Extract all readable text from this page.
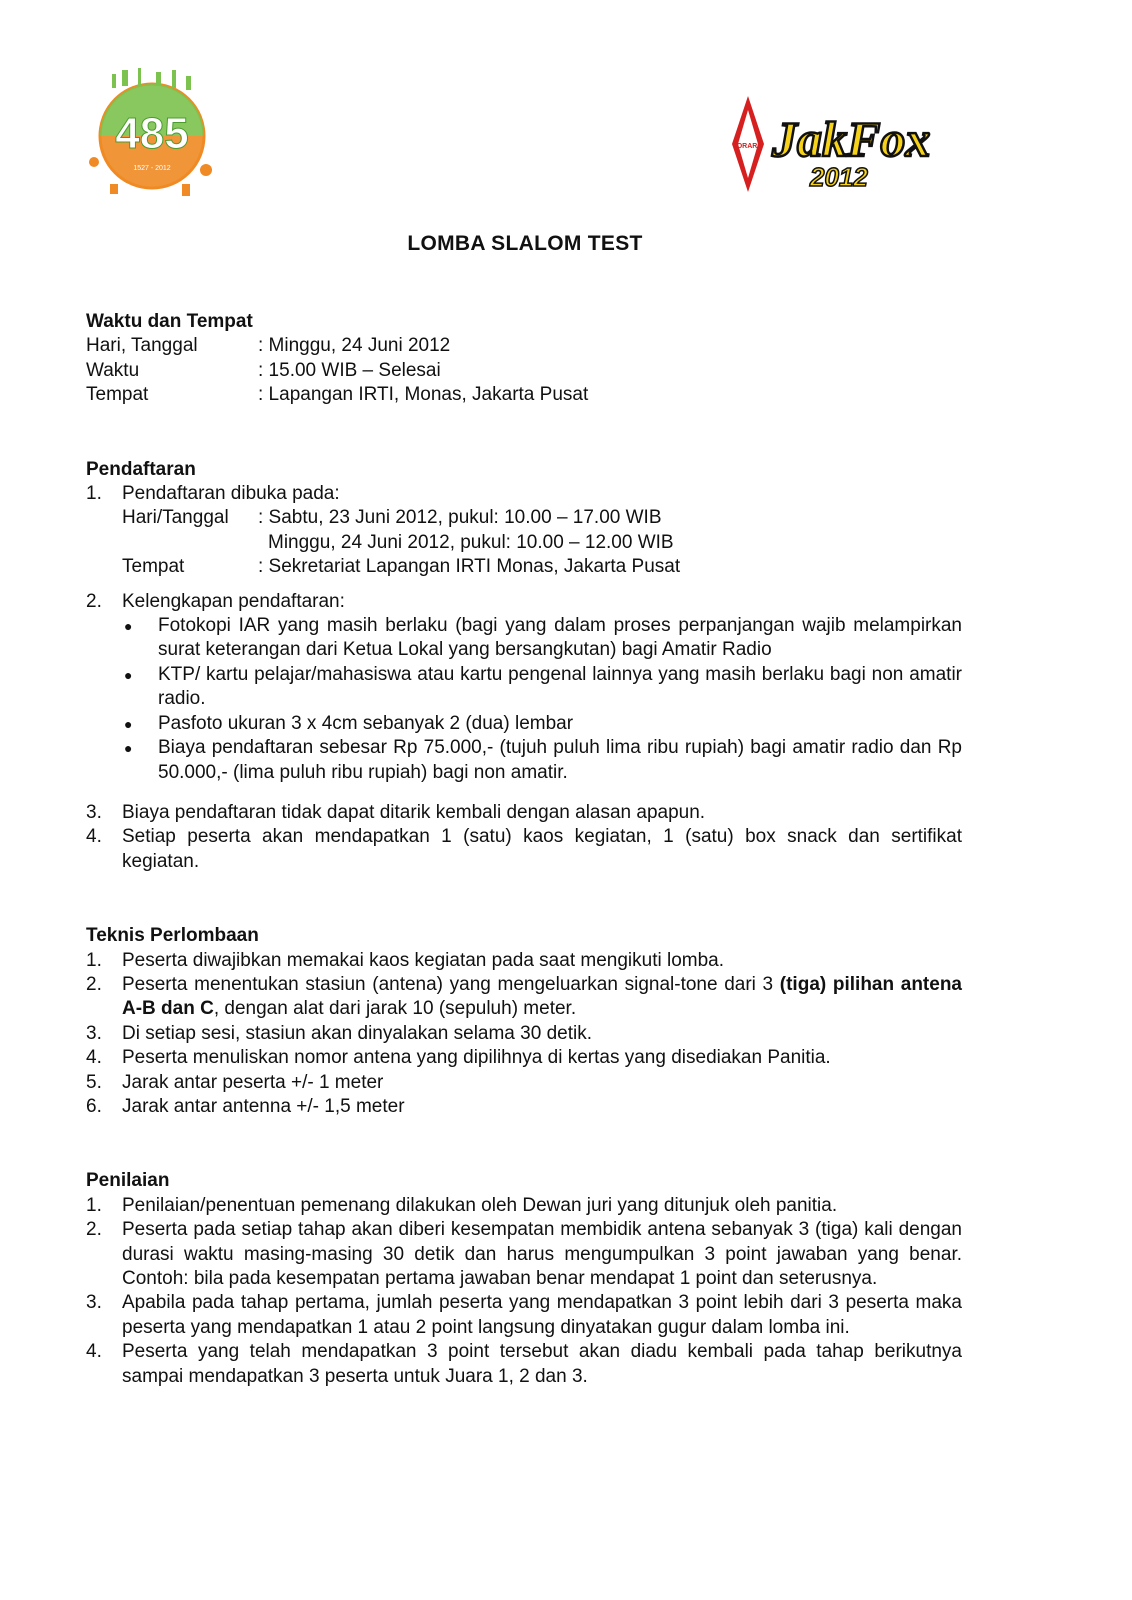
485
1527 - 2012
ORARI JakFox
2012
LOMBA SLALOM TEST
Waktu dan Tempat
Hari, Tanggal	: Minggu, 24 Juni 2012
Waktu	: 15.00 WIB – Selesai
Tempat	: Lapangan IRTI, Monas, Jakarta Pusat
Pendaftaran
1.	Pendaftaran dibuka pada:
Hari/Tanggal	: Sabtu, 23 Juni 2012, pukul: 10.00 – 17.00 WIB
Minggu, 24 Juni 2012, pukul: 10.00 – 12.00 WIB
Tempat	: Sekretariat Lapangan IRTI Monas, Jakarta Pusat
2.	Kelengkapan pendaftaran:
●	Fotokopi IAR yang masih berlaku (bagi yang dalam proses perpanjangan wajib melampirkan surat keterangan dari Ketua Lokal yang bersangkutan) bagi Amatir Radio
●	KTP/ kartu pelajar/mahasiswa atau kartu pengenal lainnya yang masih berlaku bagi non amatir radio.
●	Pasfoto ukuran 3 x 4cm sebanyak 2 (dua) lembar
●	Biaya pendaftaran sebesar Rp 75.000,- (tujuh puluh lima ribu rupiah) bagi amatir radio dan Rp 50.000,- (lima puluh ribu rupiah) bagi non amatir.
3.	Biaya pendaftaran tidak dapat ditarik kembali dengan alasan apapun.
4.	Setiap peserta akan mendapatkan 1 (satu) kaos kegiatan, 1 (satu) box snack dan sertifikat kegiatan.
Teknis Perlombaan
1.	Peserta diwajibkan memakai kaos kegiatan pada saat mengikuti lomba.
2.	Peserta menentukan stasiun (antena) yang mengeluarkan signal-tone dari 3 (tiga) pilihan antena A-B dan C, dengan alat dari jarak 10 (sepuluh) meter.
3.	Di setiap sesi, stasiun akan dinyalakan selama 30 detik.
4.	Peserta menuliskan nomor antena yang dipilihnya di kertas yang disediakan Panitia.
5.	Jarak antar peserta +/- 1 meter
6.	Jarak antar antenna +/- 1,5 meter
Penilaian
1.	Penilaian/penentuan pemenang dilakukan oleh Dewan juri yang ditunjuk oleh panitia.
2.	Peserta pada setiap tahap akan diberi kesempatan membidik antena sebanyak 3 (tiga) kali dengan durasi waktu masing-masing 30 detik dan harus mengumpulkan 3 point jawaban yang benar. Contoh: bila pada kesempatan pertama jawaban benar mendapat 1 point dan seterusnya.
3.	Apabila pada tahap pertama, jumlah peserta yang mendapatkan 3 point lebih dari 3 peserta maka peserta yang mendapatkan 1 atau 2 point langsung dinyatakan gugur dalam lomba ini.
4.	Peserta yang telah mendapatkan 3 point tersebut akan diadu kembali pada tahap berikutnya sampai mendapatkan 3 peserta untuk Juara 1, 2 dan 3.
